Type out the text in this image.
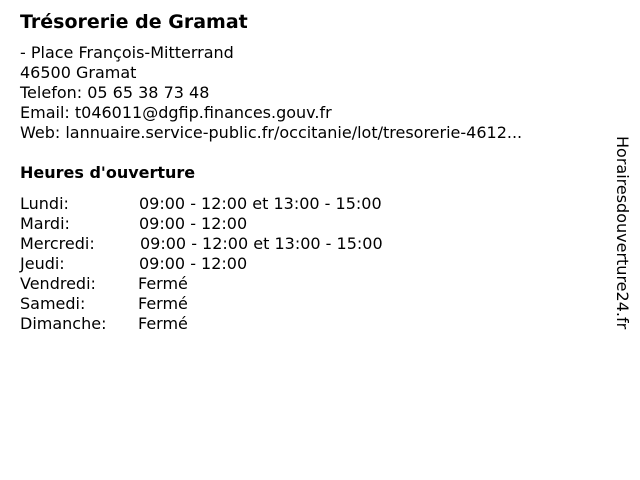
Trésorerie de Gramat
- Place François-Mitterrand
46500 Gramat
Telefon: 05 65 38 73 48
Email: t046011@dgfip.finances.gouv.fr
Web: lannuaire.service-public.fr/occitanie/lot/tresorerie-4612...
Heures d'ouverture
Lundi:	09:00 - 12:00 et 13:00 - 15:00
Mardi:	09:00 - 12:00
Mercredi:	09:00 - 12:00 et 13:00 - 15:00
Jeudi:	09:00 - 12:00
Vendredi:	Fermé
Samedi:	Fermé
Dimanche: Fermé	Horairesdouverture24.fr
